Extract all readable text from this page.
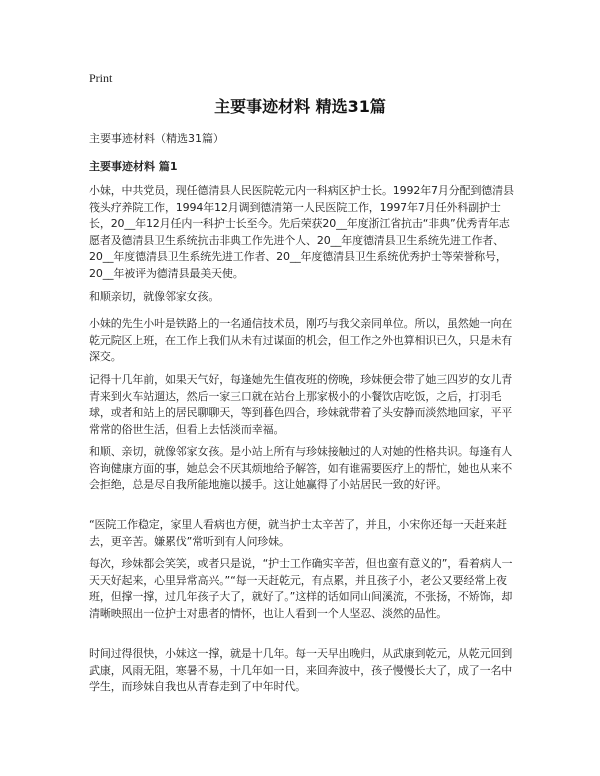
Print
主要事迹材料 精选31篇

主要事迹材料（精选31篇）

主要事迹材料 篇1

小妹，中共党员，现任德清县人民医院乾元内一科病区护士长。1992年7月分配到德清县筏头疗养院工作，1994年12月调到德清第一人民医院工作，1997年7月任外科副护士长，20__年12月任内一科护士长至今。先后荣获20__年度浙江省抗击“非典”优秀青年志愿者及德清县卫生系统抗击非典工作先进个人、20__年度德清县卫生系统先进工作者、20__年度德清县卫生系统先进工作者、20__年度德清县卫生系统优秀护士等荣誉称号，20__年被评为德清县最美天使。

和顺亲切，就像邻家女孩。

小妹的先生小叶是铁路上的一名通信技术员，刚巧与我父亲同单位。所以，虽然她一向在乾元院区上班，在工作上我们从未有过谋面的机会，但工作之外也算相识已久，只是未有深交。

记得十几年前，如果天气好，每逢她先生值夜班的傍晚，珍妹便会带了她三四岁的女儿青青来到火车站遛达，然后一家三口就在站台上那家极小的小餐饮店吃饭，之后，打羽毛球，或者和站上的居民聊聊天，等到暮色四合，珍妹就带着了头安静而淡然地回家，平平常常的俗世生活，但看上去恬淡而幸福。

和顺、亲切，就像邻家女孩。是小站上所有与珍妹接触过的人对她的性格共识。每逢有人咨询健康方面的事，她总会不厌其烦地给予解答，如有谁需要医疗上的帮忙，她也从来不会拒绝，总是尽自我所能地施以援手。这让她赢得了小站居民一致的好评。

“医院工作稳定，家里人看病也方便，就当护士太辛苦了，并且，小宋你还每一天赶来赶去，更辛苦。嫌累伐”常听到有人问珍妹。

每次，珍妹都会笑笑，或者只是说，“护士工作确实辛苦，但也蛮有意义的”，看着病人一天天好起来，心里异常高兴。”“每一天赶乾元，有点累，并且孩子小，老公又要经常上夜班，但撑一撑，过几年孩子大了，就好了。”这样的话如同山间溪流，不张扬，不矫饰，却清晰映照出一位护士对患者的情怀，也让人看到一个人坚忍、淡然的品性。

时间过得很快，小妹这一撑，就是十几年。每一天早出晚归，从武康到乾元，从乾元回到武康，风雨无阻，寒暑不易，十几年如一日，来回奔波中，孩子慢慢长大了，成了一名中学生，而珍妹自我也从青春走到了中年时代。
